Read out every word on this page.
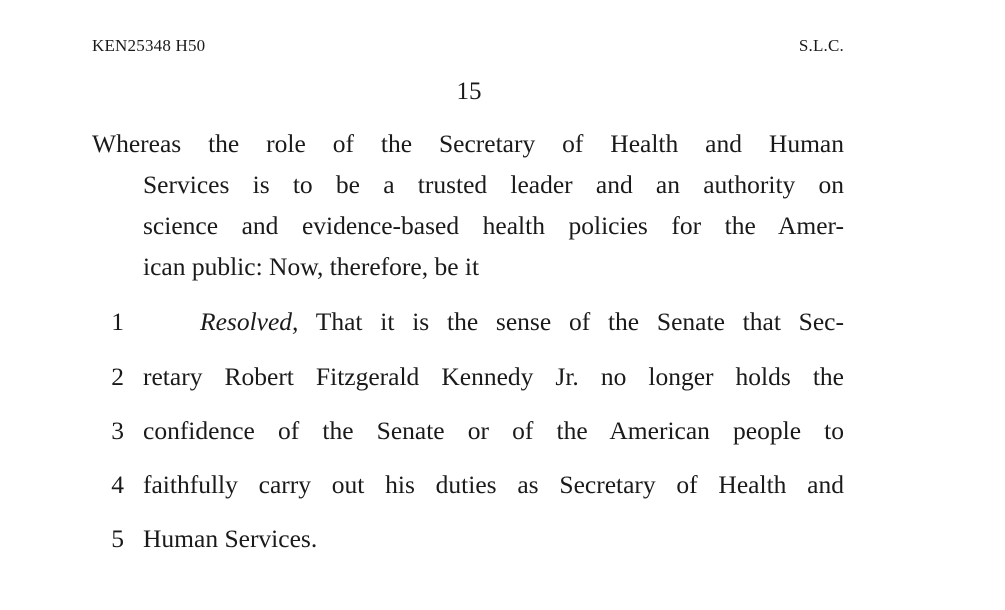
KEN25348 H50	S.L.C.
15
Whereas the role of the Secretary of Health and Human
Services is to be a trusted leader and an authority on
science and evidence-based health policies for the Amer-
ican public: Now, therefore, be it
1	Resolved, That it is the sense of the Senate that Sec-
2 retary Robert Fitzgerald Kennedy Jr. no longer holds the
3 confidence of the Senate or of the American people to
4 faithfully carry out his duties as Secretary of Health and
5 Human Services.
